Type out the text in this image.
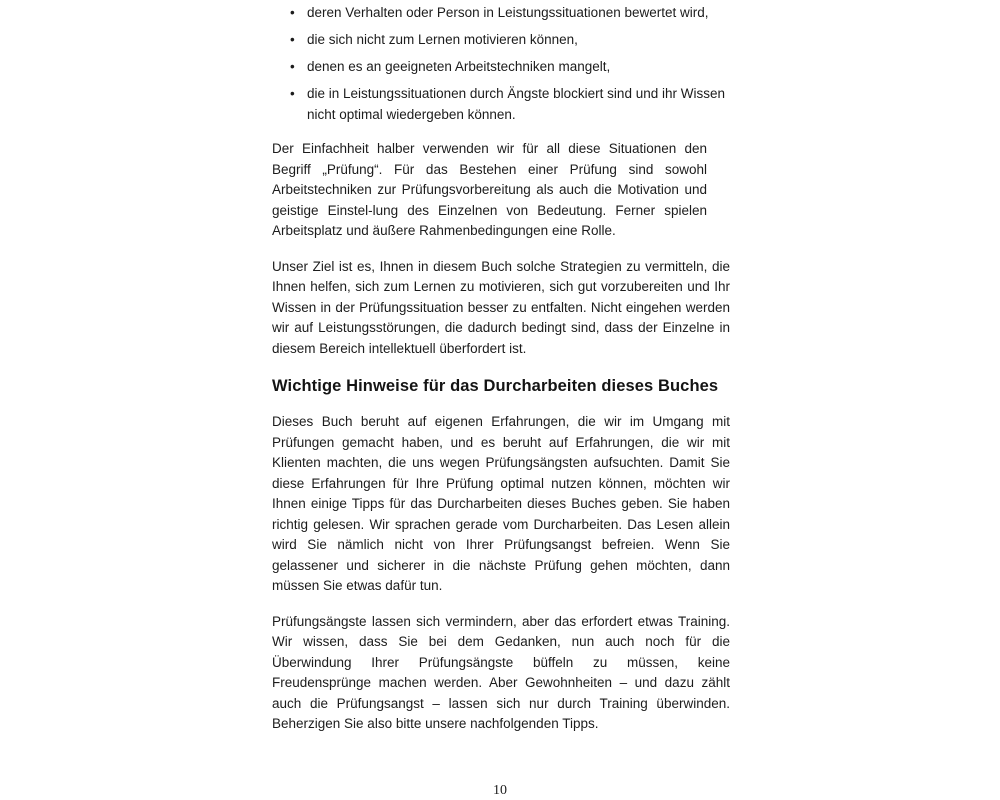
• deren Verhalten oder Person in Leistungssituationen bewertet wird,
• die sich nicht zum Lernen motivieren können,
• denen es an geeigneten Arbeitstechniken mangelt,
• die in Leistungssituationen durch Ängste blockiert sind und ihr Wissen nicht optimal wiedergeben können.

Der Einfachheit halber verwenden wir für all diese Situationen den Begriff „Prüfung“. Für das Bestehen einer Prüfung sind sowohl Arbeitstechniken zur Prüfungsvorbereitung als auch die Motivation und geistige Einstel-lung des Einzelnen von Bedeutung. Ferner spielen Arbeitsplatz und äußere Rahmenbedingungen eine Rolle.

Unser Ziel ist es, Ihnen in diesem Buch solche Strategien zu vermitteln, die Ihnen helfen, sich zum Lernen zu motivieren, sich gut vorzubereiten und Ihr Wissen in der Prüfungssituation besser zu entfalten. Nicht eingehen werden wir auf Leistungsstörungen, die dadurch bedingt sind, dass der Einzelne in diesem Bereich intellektuell überfordert ist.

Wichtige Hinweise für das Durcharbeiten dieses Buches

Dieses Buch beruht auf eigenen Erfahrungen, die wir im Umgang mit Prüfungen gemacht haben, und es beruht auf Erfahrungen, die wir mit Klienten machten, die uns wegen Prüfungsängsten aufsuchten. Damit Sie diese Erfahrungen für Ihre Prüfung optimal nutzen können, möchten wir Ihnen einige Tipps für das Durcharbeiten dieses Buches geben. Sie haben richtig gelesen. Wir sprachen gerade vom Durcharbeiten. Das Lesen allein wird Sie nämlich nicht von Ihrer Prüfungsangst befreien. Wenn Sie gelassener und sicherer in die nächste Prüfung gehen möchten, dann müssen Sie etwas dafür tun.

Prüfungsängste lassen sich vermindern, aber das erfordert etwas Training. Wir wissen, dass Sie bei dem Gedanken, nun auch noch für die Überwindung Ihrer Prüfungsängste büffeln zu müssen, keine Freudensprünge machen werden. Aber Gewohnheiten – und dazu zählt auch die Prüfungsangst – lassen sich nur durch Training überwinden. Beherzigen Sie also bitte unsere nachfolgenden Tipps.

10
